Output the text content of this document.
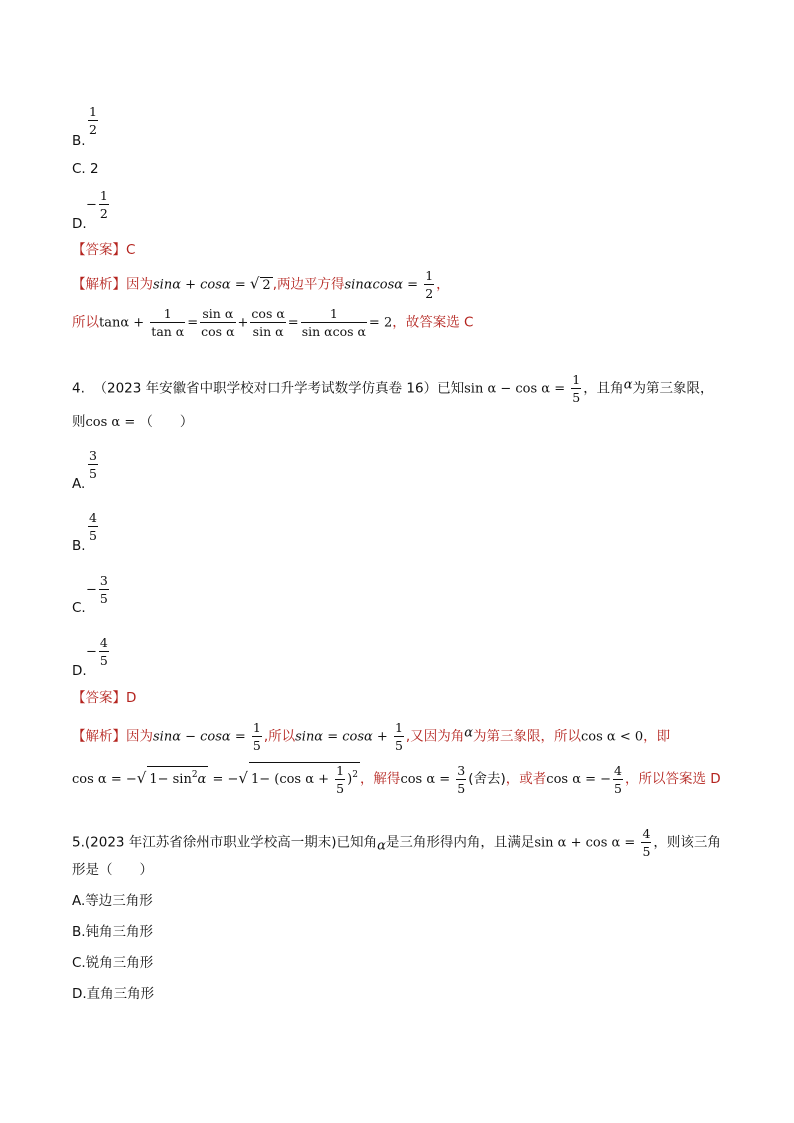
B.
$\frac{1}{2}$
C. 2
D.
− $\frac{1}{2}$
【答案】C
【解析】因为sinα + cosα = √ 2 ,两边平方得$\sin\alpha\cos\alpha = \frac{1}{2}$ ，
所以$\tan\alpha + \frac{1}{\text{tan α}} = \frac{\text{sin α}}{\text{cos α}} + \frac{\text{cos α}}{\text{sin α}} = \frac{1}{\text{sin αcos α}} = 2$，故答案选 C
4. （2023 年安徽省中职学校对口升学考试数学仿真卷 16）已知$\sin \alpha - \cos \alpha = \frac{1}{5}$ ，且角α为第三象限，
则cos α = （　　）
A.
$\frac{3}{5}$
B.
$\frac{4}{5}$
C.
− $\frac{3}{5}$
D.
− $\frac{4}{5}$
【答案】D
【解析】因为$\sin\alpha - \cos\alpha = \frac{1}{5}$ ,所以$\sin\alpha = \cos\alpha + \frac{1}{5}$ ,又因为角α为第三象限，所以cos α < 0，即
cos α = −√ $1- \sin^2\alpha$ = −√ 1− (cos $\alpha + \frac{1}{5} )^2$ ，解得$\cos \alpha = \frac{3}{5}$ (舍去)，或者cos α = − $\frac{4}{5}$ ，所以答案选 D
5.(2023 年江苏省徐州市职业学校高一期末)已知角α是三角形得内角，且满足$\sin \alpha + \cos \alpha = \frac{4}{5}$ ，则该三角
形是（　　）
A.等边三角形
B.钝角三角形
C.锐角三角形
D.直角三角形
